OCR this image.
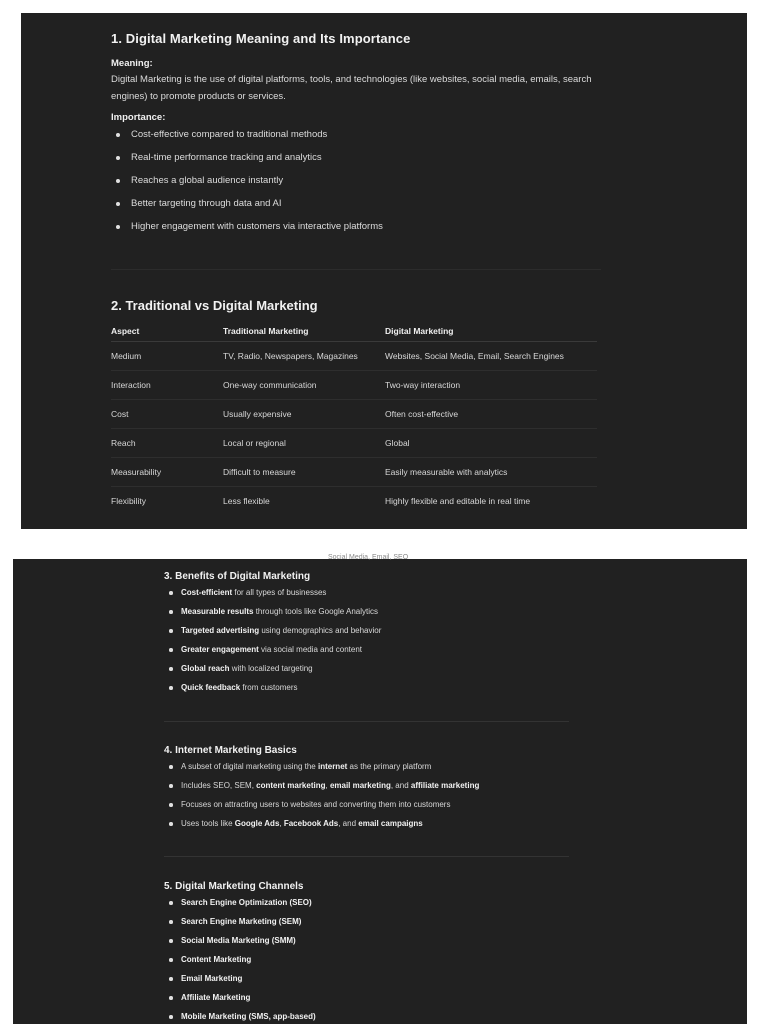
1. Digital Marketing Meaning and Its Importance
Meaning:

Digital Marketing is the use of digital platforms, tools, and technologies (like websites, social media, emails, search engines) to promote products or services.

Importance:
Cost-effective compared to traditional methods
Real-time performance tracking and analytics
Reaches a global audience instantly
Better targeting through data and AI
Higher engagement with customers via interactive platforms
2. Traditional vs Digital Marketing
Aspect	Traditional Marketing	Digital Marketing
Medium	TV, Radio, Newspapers, Magazines	Websites, Social Media, Email, Search Engines
Interaction	One-way communication	Two-way interaction
Cost	Usually expensive	Often cost-effective
Reach	Local or regional	Global
Measurability	Difficult to measure	Easily measurable with analytics
Flexibility	Less flexible	Highly flexible and editable in real time
Social Media, Email, SEO
3. Benefits of Digital Marketing
Cost-efficient for all types of businesses
Measurable results through tools like Google Analytics
Targeted advertising using demographics and behavior
Greater engagement via social media and content
Global reach with localized targeting
Quick feedback from customers
4. Internet Marketing Basics
A subset of digital marketing using the internet as the primary platform
Includes SEO, SEM, content marketing, email marketing, and affiliate marketing
Focuses on attracting users to websites and converting them into customers
Uses tools like Google Ads, Facebook Ads, and email campaigns
5. Digital Marketing Channels
Search Engine Optimization (SEO)
Search Engine Marketing (SEM)
Social Media Marketing (SMM)
Content Marketing
Email Marketing
Affiliate Marketing
Mobile Marketing (SMS, app-based)
